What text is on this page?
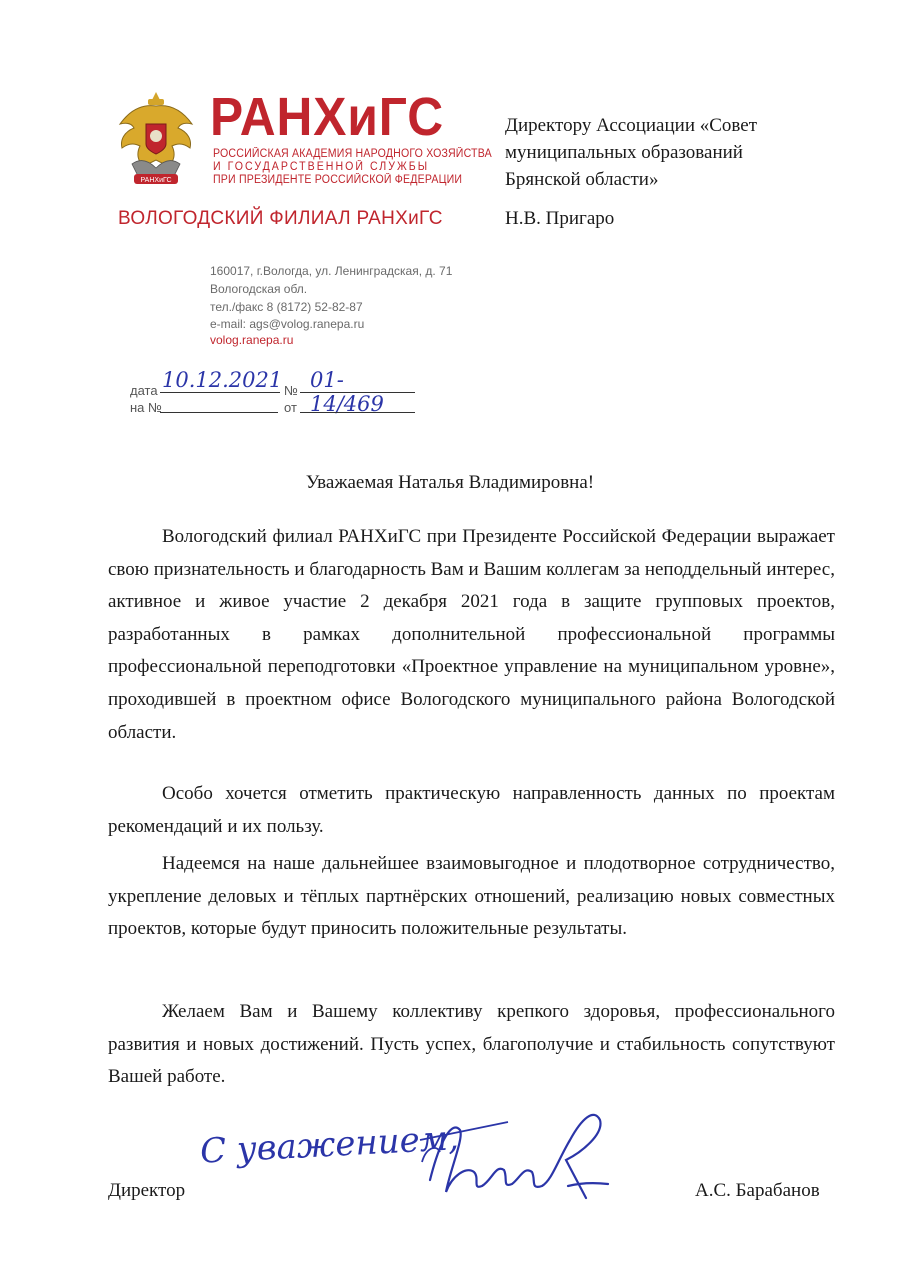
РАНХиГС
РАНХиГС
РОССИЙСКАЯ АКАДЕМИЯ НАРОДНОГО ХОЗЯЙСТВА
И ГОСУДАРСТВЕННОЙ СЛУЖБЫ
ПРИ ПРЕЗИДЕНТЕ РОССИЙСКОЙ ФЕДЕРАЦИИ
ВОЛОГОДСКИЙ ФИЛИАЛ РАНХиГС
160017, г.Вологда, ул. Ленинградская, д. 71
Вологодская обл.
тел./факс 8 (8172) 52-82-87
e-mail: ags@volog.ranepa.ru
volog.ranepa.ru
Директору Ассоциации «Совет
муниципальных образований
Брянской области»
Н.В. Пригаро
дата 10.12.2021 № 01-14/469
на №	от
Уважаемая Наталья Владимировна!
Вологодский филиал РАНХиГС при Президенте Российской Федерации выражает свою признательность и благодарность Вам и Вашим коллегам за неподдельный интерес, активное и живое участие 2 декабря 2021 года в защите групповых проектов, разработанных в рамках дополнительной профессиональной программы профессиональной переподготовки «Проектное управление на муниципальном уровне», проходившей в проектном офисе Вологодского муниципального района Вологодской области.
Особо хочется отметить практическую направленность данных по проектам рекомендаций и их пользу.
Надеемся на наше дальнейшее взаимовыгодное и плодотворное сотрудничество, укрепление деловых и тёплых партнёрских отношений, реализацию новых совместных проектов, которые будут приносить положительные результаты.
Желаем Вам и Вашему коллективу крепкого здоровья, профессионального развития и новых достижений. Пусть успех, благополучие и стабильность сопутствуют Вашей работе.
С уважением,
Директор	А.С. Барабанов
